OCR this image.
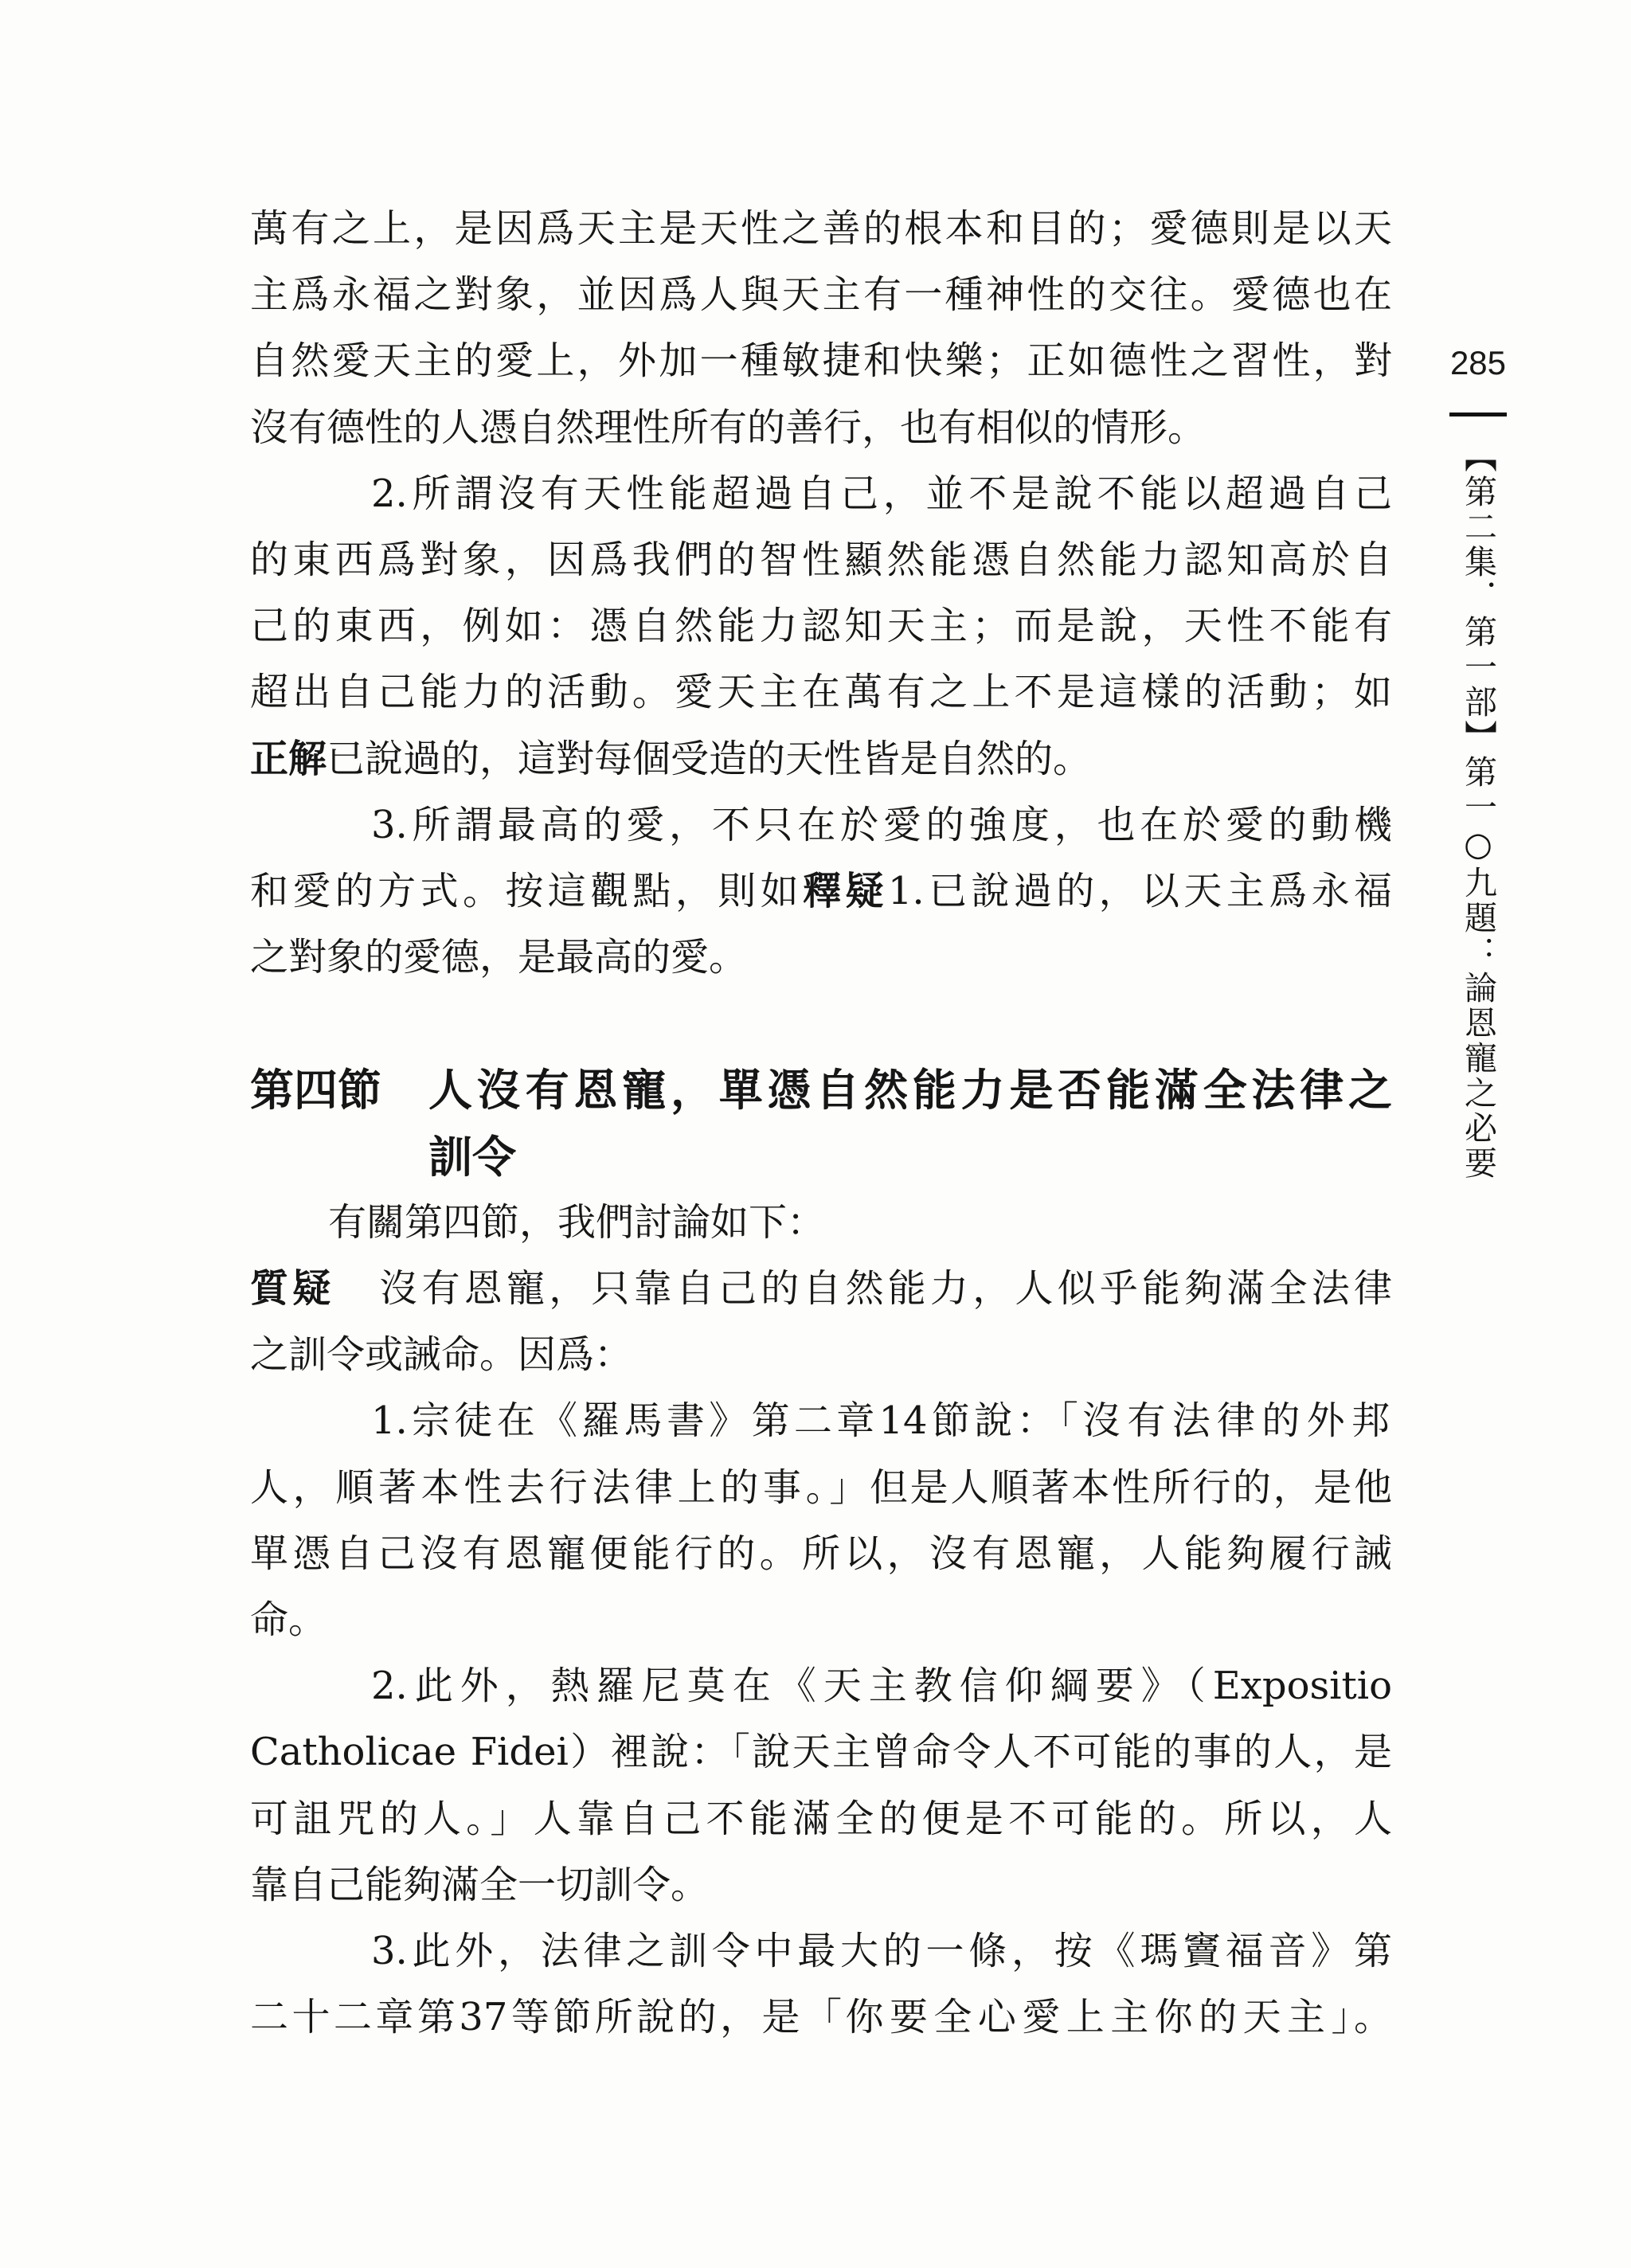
285
【第二集．第一部】第一○九題：論恩寵之必要
萬有之上，是因爲天主是天性之善的根本和目的；愛德則是以天
主爲永福之對象，並因爲人與天主有一種神性的交往。愛德也在
自然愛天主的愛上，外加一種敏捷和快樂；正如德性之習性，對
沒有德性的人憑自然理性所有的善行，也有相似的情形。
2.所謂沒有天性能超過自己，並不是說不能以超過自己
的東西爲對象，因爲我們的智性顯然能憑自然能力認知高於自
己的東西，例如：憑自然能力認知天主；而是說，天性不能有
超出自己能力的活動。愛天主在萬有之上不是這樣的活動；如
正解已說過的，這對每個受造的天性皆是自然的。
3.所謂最高的愛，不只在於愛的強度，也在於愛的動機
和愛的方式。按這觀點，則如釋疑1.已說過的，以天主爲永福
之對象的愛德，是最高的愛。
第四節	人沒有恩寵，單憑自然能力是否能滿全法律之
訓令
有關第四節，我們討論如下：
質疑 沒有恩寵，只靠自己的自然能力，人似乎能夠滿全法律
之訓令或誡命。因爲：
1.宗徒在《羅馬書》第二章14節說：「沒有法律的外邦
人，順著本性去行法律上的事。」但是人順著本性所行的，是他
單憑自己沒有恩寵便能行的。所以，沒有恩寵，人能夠履行誡
命。
2.此外，熱羅尼莫在《天主教信仰綱要》（Expositio
Catholicae Fidei）裡說：「說天主曾命令人不可能的事的人，是
可詛咒的人。」人靠自己不能滿全的便是不可能的。所以，人
靠自己能夠滿全一切訓令。
3.此外，法律之訓令中最大的一條，按《瑪竇福音》第
二十二章第37等節所說的，是「你要全心愛上主你的天主」。
